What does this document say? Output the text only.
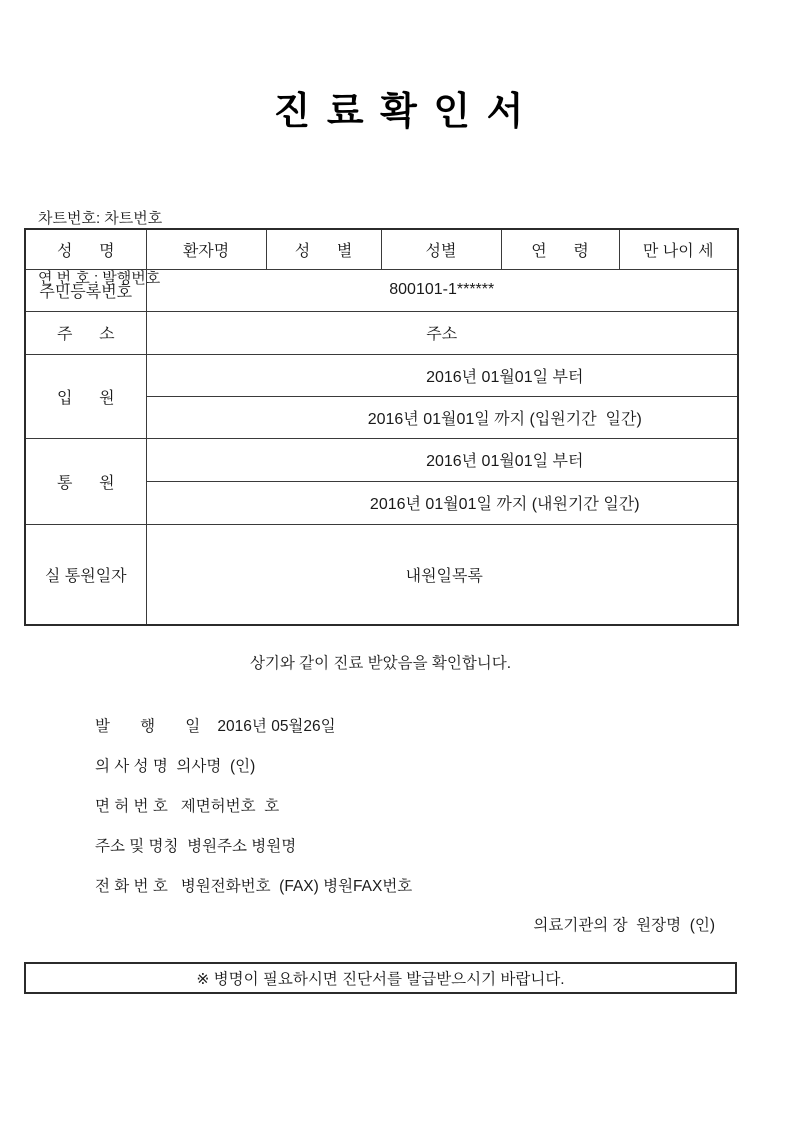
진 료 확 인 서

차트번호: 차트번호

연 번 호 : 발행번호

성      명	환자명	성      별	성별	연      령	만 나이 세
주민등록번호	800101-1******				
주      소	주소				
입      원	2016년 01월01일 부터				
	2016년 01월01일 까지 (입원기간  일간)				
통      원	2016년 01월01일 부터				
	2016년 01월01일 까지 (내원기간 일간)				
실 통원일자	내원일목록				
상기와 같이 진료 받았음을 확인합니다.
발       행       일    2016년 05월26일
의 사 성 명  의사명  (인)
면 허 번 호   제면허번호  호
주소 및 명칭  병원주소 병원명
전 화 번 호   병원전화번호  (FAX) 병원FAX번호
의료기관의 장  원장명  (인)
※ 병명이 필요하시면 진단서를 발급받으시기 바랍니다.
